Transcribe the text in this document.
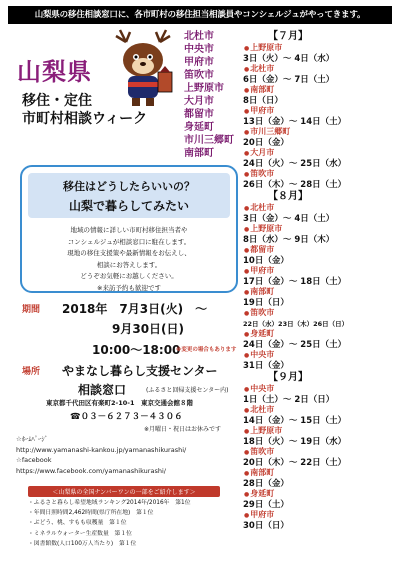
山梨県の移住相談窓口に、各市町村の移住担当相談員やコンシェルジュがやってきます。
山梨県
移住・定住
市町村相談ウィーク
北杜市
中央市
甲府市
笛吹市
上野原市
大月市
都留市
身延町
市川三郷町
南部町
移住はどうしたらいいの？
山梨で暮らしてみたい
地域の情報に詳しい市町村移住担当者や
コンシェルジュが相談窓口に駐在します。
現地の移住支援策や最新情報をお伝えし、
相談にお答えします。
どうぞお気軽にお越しください。
※来訪予約も歓迎です
期間 2018年　7月3日(火)　～
9月30日(日)
10:00～18:00
※変更の場合もあります
場所 やまなし暮らし支援センター
相談窓口	(ふるさと回帰支援センター内)
東京都千代田区有楽町2-10-1　東京交通会館８階
☎０３－６２７３－４３０６
※月曜日・祝日はお休みです
☆ﾎｰﾑﾍﾟｰｼﾞ
http://www.yamanashi-kankou.jp/yamanashikurashi/
☆facebook
https://www.facebook.com/yamanashikurashi/
＜山梨県の全国ナンバーワンの一部をご紹介します＞
・ふるさと暮らし希望地域ランキング2014年/2016年　第1位
・年間日照時間2,462時間(県庁所在地)　第１位
・ぶどう、桃、すもも収穫量　第１位
・ミネラルウォーター生産数量　第１位
・図書館数(人口100万人当たり)　第１位
【７月】
●上野原市
3日（火）～ 4日（水）
●北杜市
6日（金）～ 7日（土）
●南部町
8日（日）
●甲府市
13日（金）～ 14日（土）
●市川三郷町
20日（金）
●大月市
24日（火）～ 25日（水）
●笛吹市
26日（木）～ 28日（土）
【８月】
●北杜市
3日（金）～ 4日（土）
●上野原市
8日（水）～ 9日（木）
●都留市
10日（金）
●甲府市
17日（金）～ 18日（土）
●南部町
19日（日）
●笛吹市
22日（水）23日（木）26日（日）
●身延町
24日（金）～ 25日（土）
●中央市
31日（金）
【９月】
●中央市
1日（土）～ 2日（日）
●北杜市
14日（金）～ 15日（土）
●上野原市
18日（火）～ 19日（水）
●笛吹市
20日（木）～ 22日（土）
●南部町
28日（金）
●身延町
29日（土）
●甲府市
30日（日）
